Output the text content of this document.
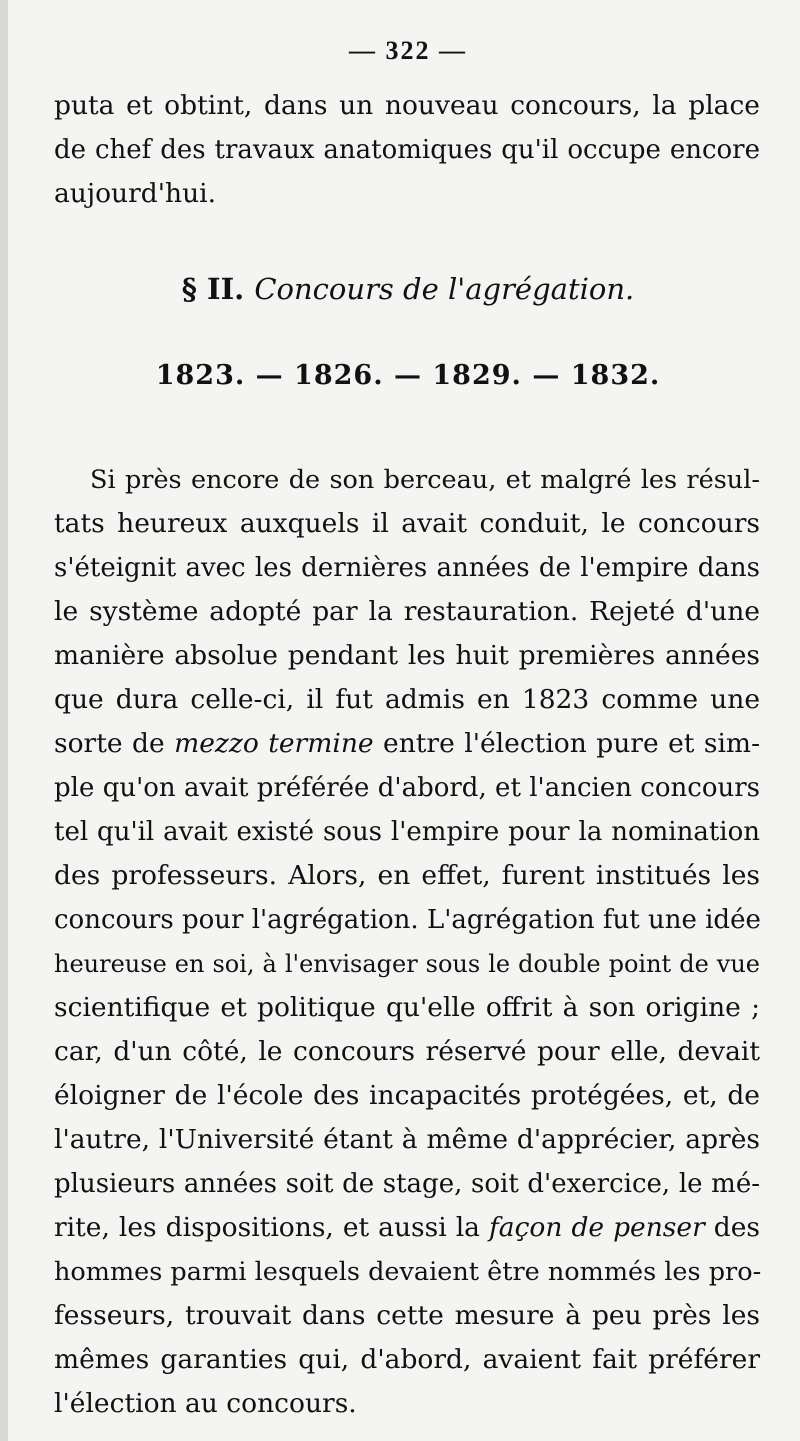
— 322 —
puta et obtint, dans un nouveau concours, la place
de chef des travaux anatomiques qu'il occupe encore
aujourd'hui.
§ II. Concours de l'agrégation.
1823. — 1826. — 1829. — 1832.
Si près encore de son berceau, et malgré les résul-
tats heureux auxquels il avait conduit, le concours
s'éteignit avec les dernières années de l'empire dans
le système adopté par la restauration. Rejeté d'une
manière absolue pendant les huit premières années
que dura celle-ci, il fut admis en 1823 comme une
sorte de mezzo termine entre l'élection pure et sim-
ple qu'on avait préférée d'abord, et l'ancien concours
tel qu'il avait existé sous l'empire pour la nomination
des professeurs. Alors, en effet, furent institués les
concours pour l'agrégation. L'agrégation fut une idée
heureuse en soi, à l'envisager sous le double point de vue
scientifique et politique qu'elle offrit à son origine ;
car, d'un côté, le concours réservé pour elle, devait
éloigner de l'école des incapacités protégées, et, de
l'autre, l'Université étant à même d'apprécier, après
plusieurs années soit de stage, soit d'exercice, le mé-
rite, les dispositions, et aussi la façon de penser des
hommes parmi lesquels devaient être nommés les pro-
fesseurs, trouvait dans cette mesure à peu près les
mêmes garanties qui, d'abord, avaient fait préférer
l'élection au concours.
